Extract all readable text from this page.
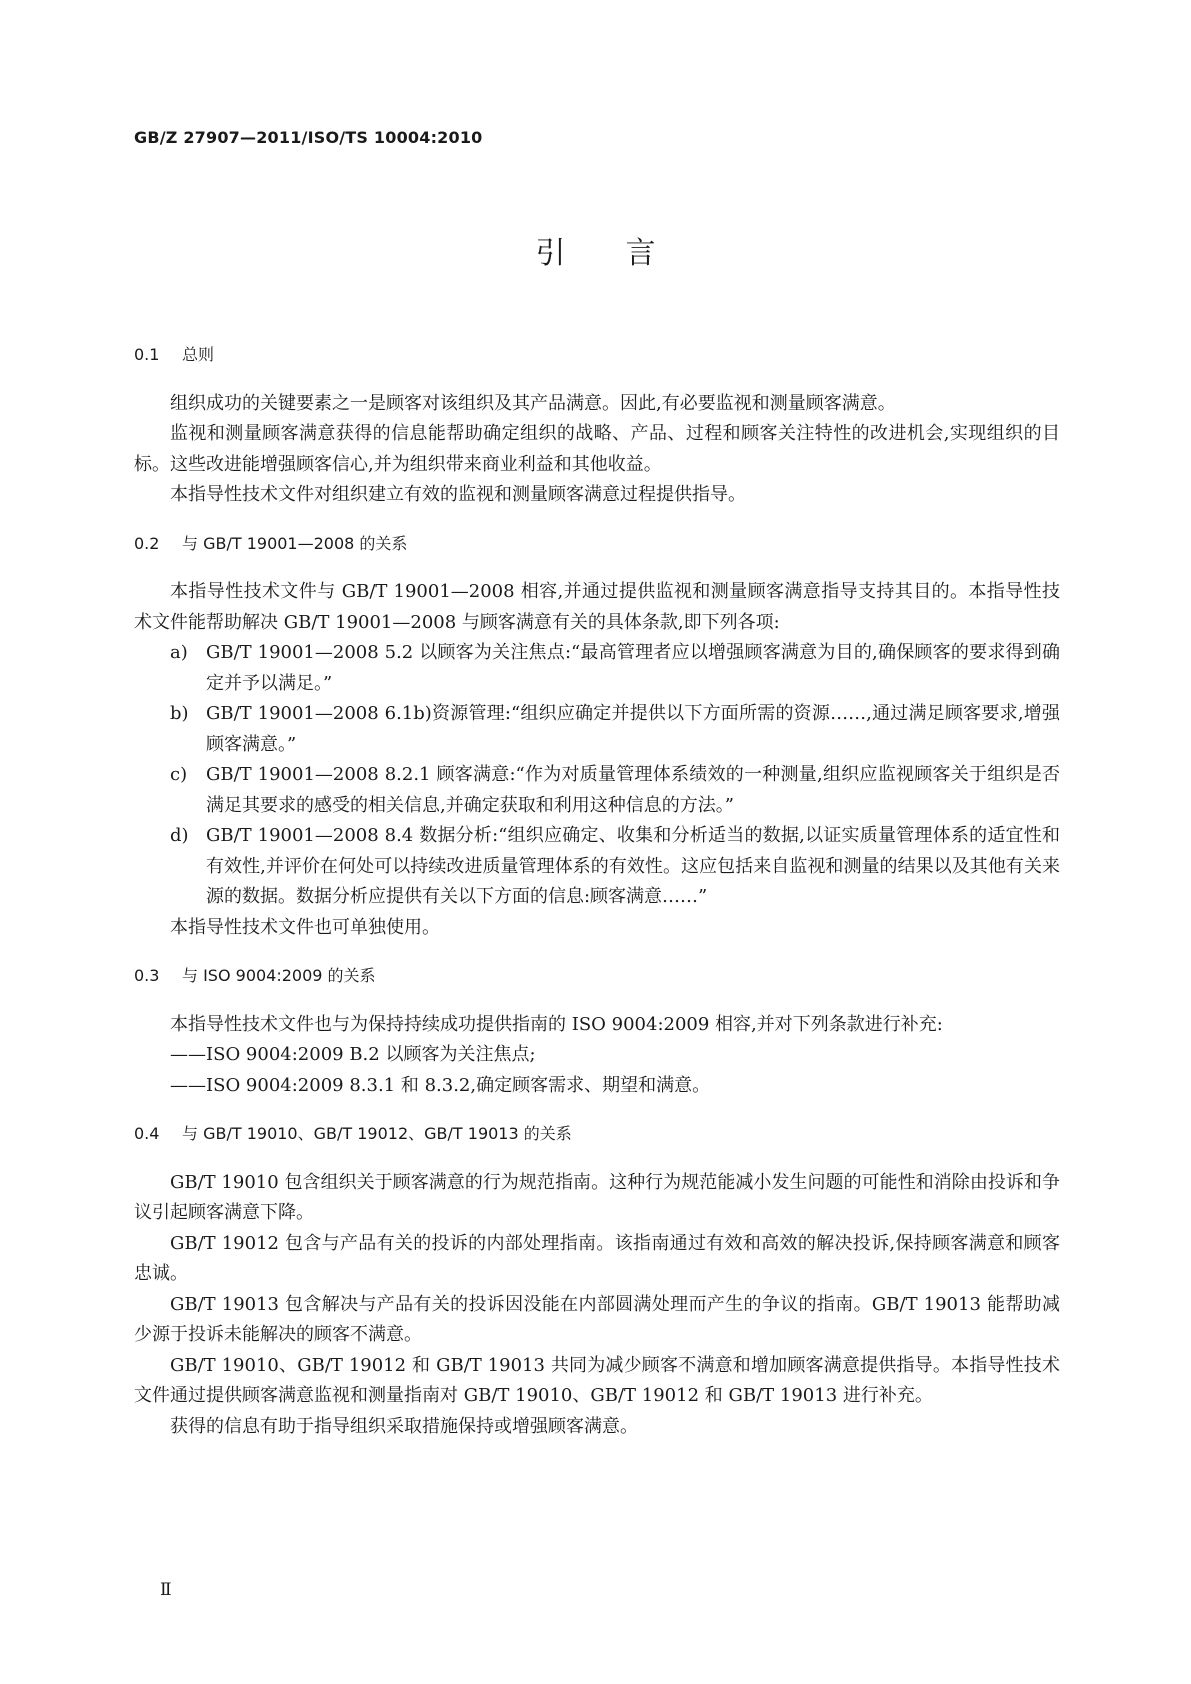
GB/Z 27907—2011/ISO/TS 10004:2010
引言
0.1 总则

组织成功的关键要素之一是顾客对该组织及其产品满意。因此,有必要监视和测量顾客满意。

监视和测量顾客满意获得的信息能帮助确定组织的战略、产品、过程和顾客关注特性的改进机会,实现组织的目标。这些改进能增强顾客信心,并为组织带来商业利益和其他收益。

本指导性技术文件对组织建立有效的监视和测量顾客满意过程提供指导。

0.2 与 GB/T 19001—2008 的关系

本指导性技术文件与 GB/T 19001—2008 相容,并通过提供监视和测量顾客满意指导支持其目的。本指导性技术文件能帮助解决 GB/T 19001—2008 与顾客满意有关的具体条款,即下列各项:

a) GB/T 19001—2008 5.2 以顾客为关注焦点:“最高管理者应以增强顾客满意为目的,确保顾客的要求得到确定并予以满足。”
b) GB/T 19001—2008 6.1b)资源管理:“组织应确定并提供以下方面所需的资源……,通过满足顾客要求,增强顾客满意。”
c) GB/T 19001—2008 8.2.1 顾客满意:“作为对质量管理体系绩效的一种测量,组织应监视顾客关于组织是否满足其要求的感受的相关信息,并确定获取和利用这种信息的方法。”
d) GB/T 19001—2008 8.4 数据分析:“组织应确定、收集和分析适当的数据,以证实质量管理体系的适宜性和有效性,并评价在何处可以持续改进质量管理体系的有效性。这应包括来自监视和测量的结果以及其他有关来源的数据。数据分析应提供有关以下方面的信息:顾客满意……”

本指导性技术文件也可单独使用。

0.3 与 ISO 9004:2009 的关系

本指导性技术文件也与为保持持续成功提供指南的 ISO 9004:2009 相容,并对下列条款进行补充:

——ISO 9004:2009 B.2 以顾客为关注焦点;
——ISO 9004:2009 8.3.1 和 8.3.2,确定顾客需求、期望和满意。
0.4 与 GB/T 19010、GB/T 19012、GB/T 19013 的关系

GB/T 19010 包含组织关于顾客满意的行为规范指南。这种行为规范能减小发生问题的可能性和消除由投诉和争议引起顾客满意下降。

GB/T 19012 包含与产品有关的投诉的内部处理指南。该指南通过有效和高效的解决投诉,保持顾客满意和顾客忠诚。

GB/T 19013 包含解决与产品有关的投诉因没能在内部圆满处理而产生的争议的指南。GB/T 19013 能帮助减少源于投诉未能解决的顾客不满意。

GB/T 19010、GB/T 19012 和 GB/T 19013 共同为减少顾客不满意和增加顾客满意提供指导。本指导性技术文件通过提供顾客满意监视和测量指南对 GB/T 19010、GB/T 19012 和 GB/T 19013 进行补充。

获得的信息有助于指导组织采取措施保持或增强顾客满意。

Ⅱ
